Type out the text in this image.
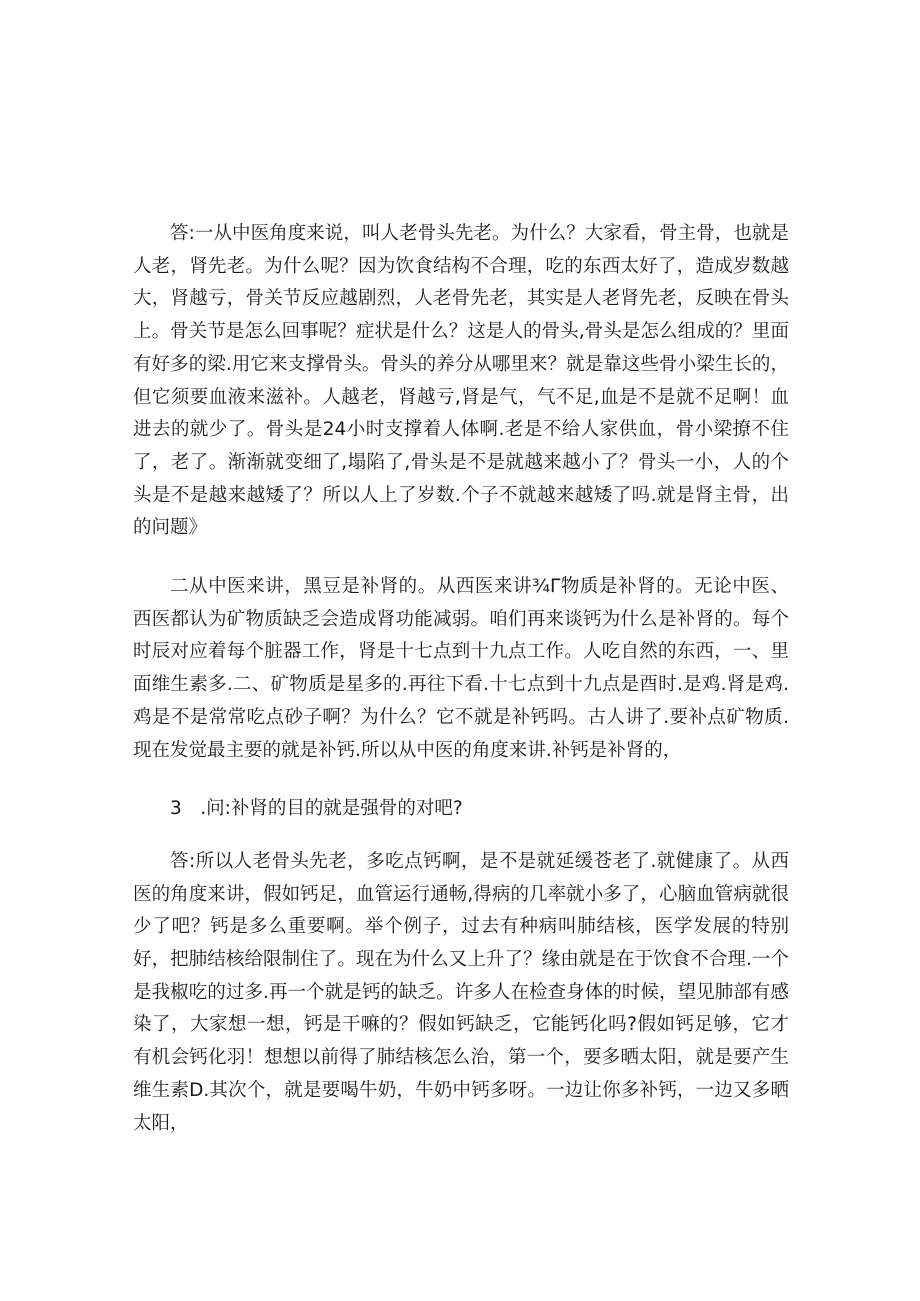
答:一从中医角度来说，叫人老骨头先老。为什么？大家看，骨主骨，也就是人老，肾先老。为什么呢？因为饮食结构不合理，吃的东西太好了，造成岁数越大，肾越亏，骨关节反应越剧烈，人老骨先老，其实是人老肾先老，反映在骨头上。骨关节是怎么回事呢？症状是什么？这是人的骨头,骨头是怎么组成的？里面有好多的梁.用它来支撑骨头。骨头的养分从哪里来？就是靠这些骨小梁生长的，但它须要血液来滋补。人越老，肾越亏,肾是气，气不足,血是不是就不足啊！血进去的就少了。骨头是24小时支撑着人体啊.老是不给人家供血，骨小梁撩不住了，老了。渐渐就变细了,塌陷了,骨头是不是就越来越小了？骨头一小，人的个头是不是越来越矮了？所以人上了岁数.个子不就越来越矮了吗.就是肾主骨，出的问题》

二从中医来讲，黑豆是补肾的。从西医来讲¾Γ物质是补肾的。无论中医、西医都认为矿物质缺乏会造成肾功能减弱。咱们再来谈钙为什么是补肾的。每个时辰对应着每个脏器工作，肾是十七点到十九点工作。人吃自然的东西，一、里面维生素多.二、矿物质是星多的.再往下看.十七点到十九点是酉时.是鸡.肾是鸡.鸡是不是常常吃点砂子啊？为什么？它不就是补钙吗。古人讲了.要补点矿物质.现在发觉最主要的就是补钙.所以从中医的角度来讲.补钙是补肾的，

3 .问:补肾的目的就是强骨的对吧?

答:所以人老骨头先老，多吃点钙啊，是不是就延缓苍老了.就健康了。从西医的角度来讲，假如钙足，血管运行通畅,得病的几率就小多了，心脑血管病就很少了吧？钙是多么重要啊。举个例子，过去有种病叫肺结核，医学发展的特别好，把肺结核给限制住了。现在为什么又上升了？缘由就是在于饮食不合理.一个是我椒吃的过多.再一个就是钙的缺乏。许多人在检查身体的时候，望见肺部有感染了，大家想一想，钙是干嘛的？假如钙缺乏，它能钙化吗?假如钙足够，它才有机会钙化羽！想想以前得了肺结核怎么治，第一个，要多晒太阳，就是要产生维生素D.其次个，就是要喝牛奶，牛奶中钙多呀。一边让你多补钙，一边又多晒太阳，
